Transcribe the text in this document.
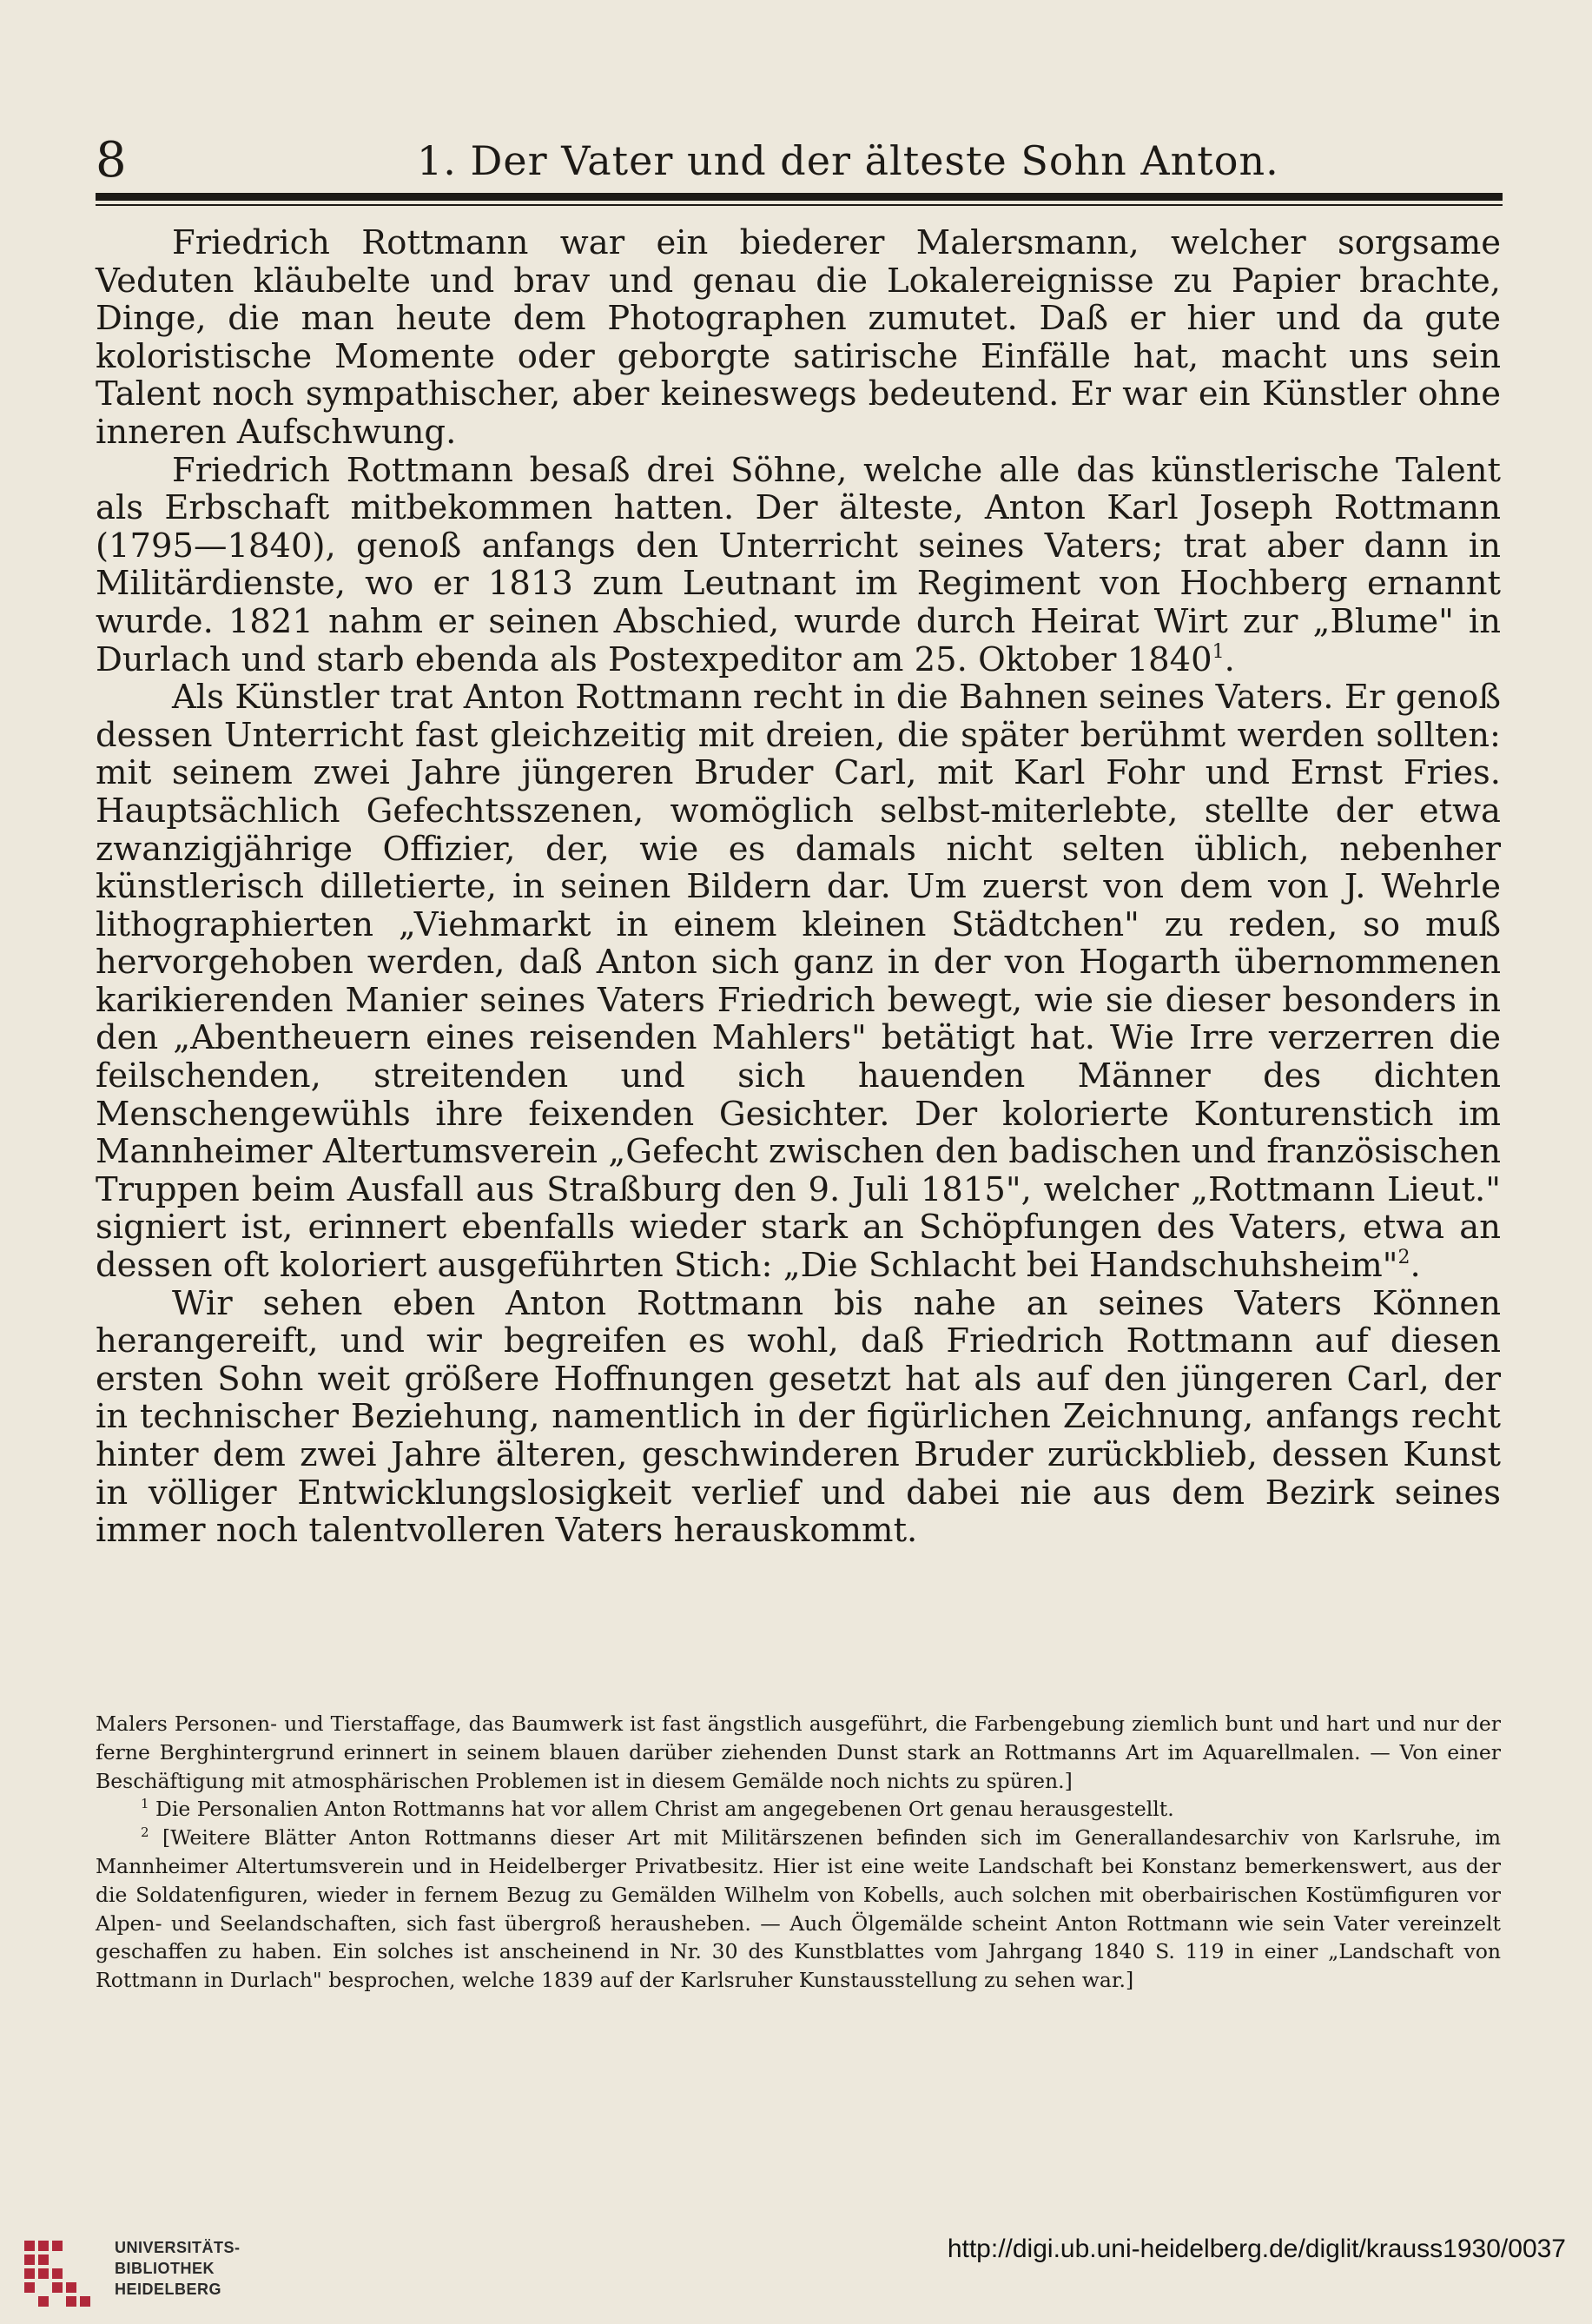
8	1. Der Vater und der älteste Sohn Anton.

Friedrich Rottmann war ein biederer Malersmann, welcher sorgsame Veduten kläubelte und brav und genau die Lokalereignisse zu Papier brachte, Dinge, die man heute dem Photographen zumutet. Daß er hier und da gute koloristische Momente oder geborgte satirische Einfälle hat, macht uns sein Talent noch sympathischer, aber keineswegs bedeutend. Er war ein Künstler ohne inneren Aufschwung.

Friedrich Rottmann besaß drei Söhne, welche alle das künstlerische Talent als Erbschaft mitbekommen hatten. Der älteste, Anton Karl Joseph Rottmann (1795—1840), genoß anfangs den Unterricht seines Vaters; trat aber dann in Militärdienste, wo er 1813 zum Leutnant im Regiment von Hochberg ernannt wurde. 1821 nahm er seinen Abschied, wurde durch Heirat Wirt zur „Blume" in Durlach und starb ebenda als Postexpeditor am 25. Oktober 1840$^1$.

Als Künstler trat Anton Rottmann recht in die Bahnen seines Vaters. Er genoß dessen Unterricht fast gleichzeitig mit dreien, die später berühmt werden sollten: mit seinem zwei Jahre jüngeren Bruder Carl, mit Karl Fohr und Ernst Fries. Hauptsächlich Gefechtsszenen, womöglich selbst-miterlebte, stellte der etwa zwanzigjährige Offizier, der, wie es damals nicht selten üblich, nebenher künstlerisch dilletierte, in seinen Bildern dar. Um zuerst von dem von J. Wehrle lithographierten „Viehmarkt in einem kleinen Städtchen" zu reden, so muß hervorgehoben werden, daß Anton sich ganz in der von Hogarth übernommenen karikierenden Manier seines Vaters Friedrich bewegt, wie sie dieser besonders in den „Abentheuern eines reisenden Mahlers" betätigt hat. Wie Irre verzerren die feilschenden, streitenden und sich hauenden Männer des dichten Menschengewühls ihre feixenden Gesichter. Der kolorierte Konturenstich im Mannheimer Altertumsverein „Gefecht zwischen den badischen und französischen Truppen beim Ausfall aus Straßburg den 9. Juli 1815", welcher „Rottmann Lieut." signiert ist, erinnert ebenfalls wieder stark an Schöpfungen des Vaters, etwa an dessen oft koloriert ausgeführten Stich: „Die Schlacht bei Handschuhsheim"$^2$.

Wir sehen eben Anton Rottmann bis nahe an seines Vaters Können herangereift, und wir begreifen es wohl, daß Friedrich Rottmann auf diesen ersten Sohn weit größere Hoffnungen gesetzt hat als auf den jüngeren Carl, der in technischer Beziehung, namentlich in der figürlichen Zeichnung, anfangs recht hinter dem zwei Jahre älteren, geschwinderen Bruder zurückblieb, dessen Kunst in völliger Entwicklungslosigkeit verlief und dabei nie aus dem Bezirk seines immer noch talentvolleren Vaters herauskommt.

Malers Personen- und Tierstaffage, das Baumwerk ist fast ängstlich ausgeführt, die Farbengebung ziemlich bunt und hart und nur der ferne Berghintergrund erinnert in seinem blauen darüber ziehenden Dunst stark an Rottmanns Art im Aquarellmalen. — Von einer Beschäftigung mit atmosphärischen Problemen ist in diesem Gemälde noch nichts zu spüren.]

$^1$ Die Personalien Anton Rottmanns hat vor allem Christ am angegebenen Ort genau herausgestellt.

$^2$ [Weitere Blätter Anton Rottmanns dieser Art mit Militärszenen befinden sich im Generallandesarchiv von Karlsruhe, im Mannheimer Altertumsverein und in Heidelberger Privatbesitz. Hier ist eine weite Landschaft bei Konstanz bemerkenswert, aus der die Soldatenfiguren, wieder in fernem Bezug zu Gemälden Wilhelm von Kobells, auch solchen mit oberbairischen Kostümfiguren vor Alpen- und Seelandschaften, sich fast übergroß herausheben. — Auch Ölgemälde scheint Anton Rottmann wie sein Vater vereinzelt geschaffen zu haben. Ein solches ist anscheinend in Nr. 30 des Kunstblattes vom Jahrgang 1840 S. 119 in einer „Landschaft von Rottmann in Durlach" besprochen, welche 1839 auf der Karlsruher Kunstausstellung zu sehen war.]

UNIVERSITÄTS-
BIBLIOTHEK
HEIDELBERG
http://digi.ub.uni-heidelberg.de/diglit/krauss1930/0037
